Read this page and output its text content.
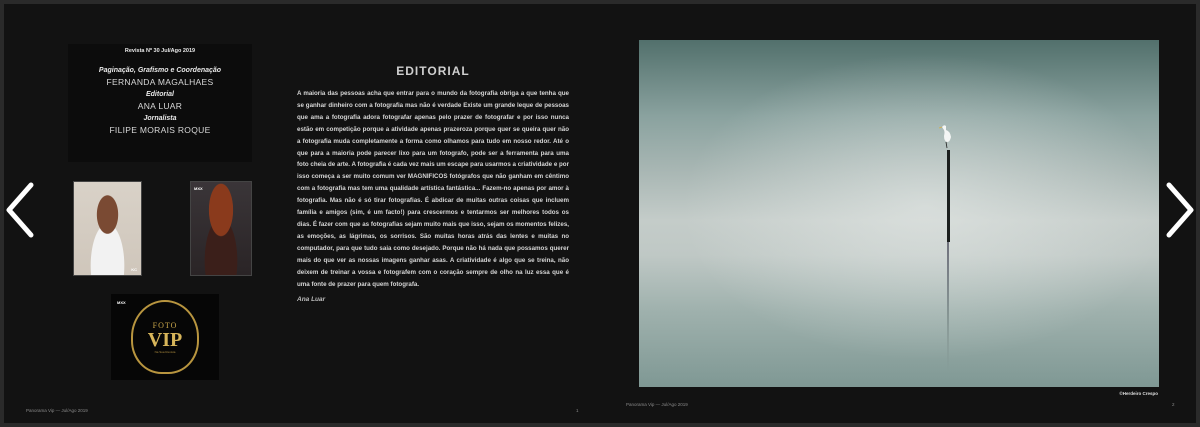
Revista Nº 30 Jul/Ago 2019
Paginação, Grafismo e Coordenação
FERNANDA MAGALHAES
Editorial
ANA LUAR
Jornalista
FILIPE MORAIS ROQUE
KC
MXX
MXX
FOTO
VIP
Na Sua Revista
EDITORIAL

A maioria das pessoas acha que entrar para o mundo da fotografia obriga a que tenha que se ganhar dinheiro com a fotografia mas não é verdade Existe um grande leque de pessoas que ama a fotografia adora fotografar apenas pelo prazer de fotografar e por isso nunca estão em competição porque a atividade apenas prazeroza porque quer se queira quer não a fotografia muda completamente a forma como olhamos para tudo em nosso redor. Até o que para a maioria pode parecer lixo para um fotografo, pode ser a ferramenta para uma foto cheia de arte. A fotografia é cada vez mais um escape para usarmos a criatividade e por isso começa a ser muito comum ver MAGNIFICOS fotógrafos que não ganham em cêntimo com a fotografia mas tem uma qualidade artística fantástica... Fazem-no apenas por amor à fotografia. Mas não é só tirar fotografias. É abdicar de muitas outras coisas que incluem família e amigos (sim, é um facto!) para crescermos e tentarmos ser melhores todos os dias. É fazer com que as fotografias sejam muito mais que isso, sejam os momentos felizes, as emoções, as lágrimas, os sorrisos. São muitas horas atrás das lentes e muitas no computador, para que tudo saia como desejado. Porque não há nada que possamos querer mais do que ver as nossas imagens ganhar asas. A criatividade é algo que se treina, não deixem de treinar a vossa e fotografem com o coração sempre de olho na luz essa que é uma fonte de prazer para quem fotografa.

Ana Luar
Panorama Vip — Jul/Ago 2019	1
©Herdeiro Crespo
Panorama Vip — Jul/Ago 2019	2
